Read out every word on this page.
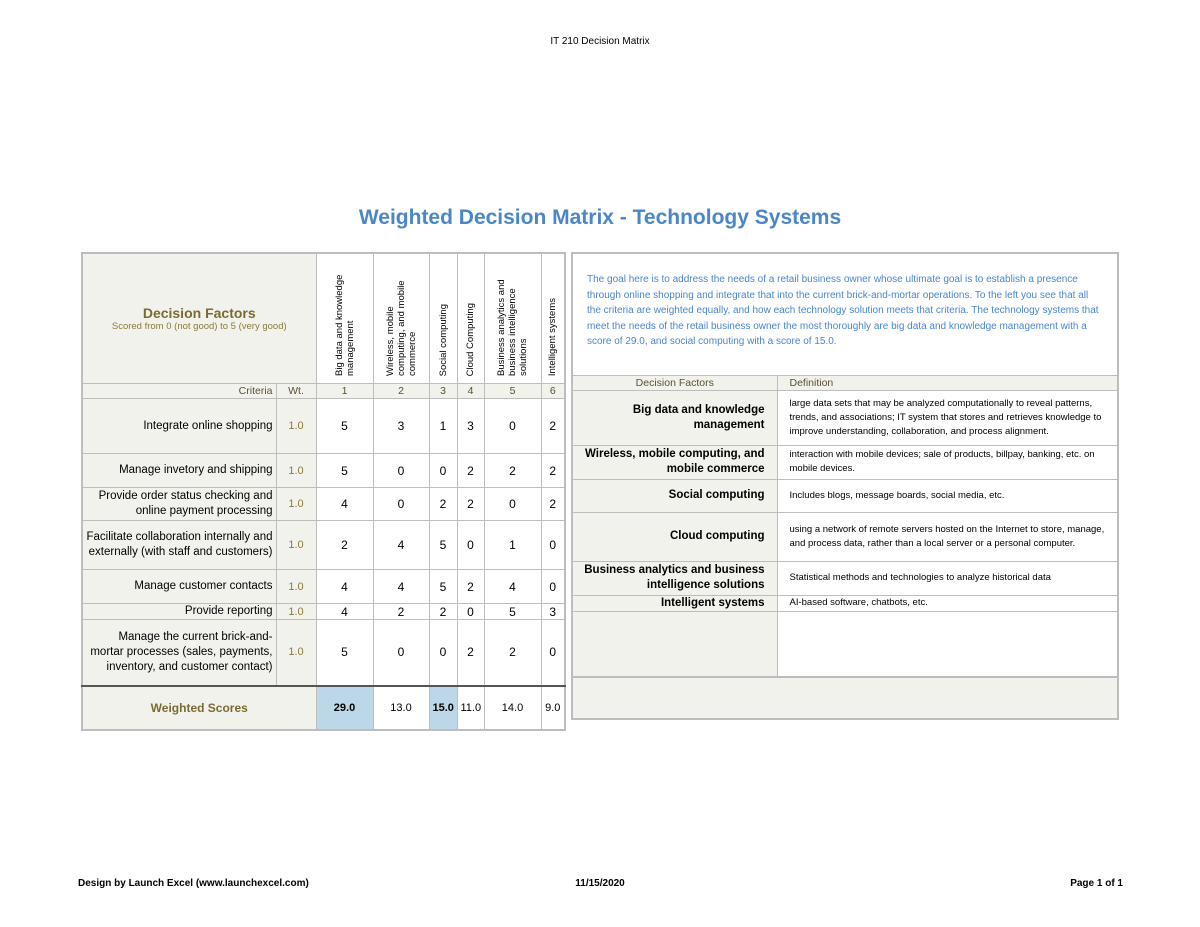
IT 210 Decision Matrix
Weighted Decision Matrix - Technology Systems
Decision Factors
Scored from 0 (not good) to 5 (very good)		Big data and knowledge management	Wireless, mobile computing, and mobile commerce	Social computing	Cloud Computing	Business analytics and business intelligence solutions	Intelligent systems
Criteria	Wt.	1	2	3	4	5	6
Integrate online shopping	1.0	5	3	1	3	0	2
Manage invetory and shipping	1.0	5	0	0	2	2	2
Provide order status checking and online payment processing	1.0	4	0	2	2	0	2
Facilitate collaboration internally and externally (with staff and customers)	1.0	2	4	5	0	1	0
Manage customer contacts	1.0	4	4	5	2	4	0
Provide reporting	1.0	4	2	2	0	5	3
Manage the current brick-and-mortar processes (sales, payments, inventory, and customer contact)	1.0	5	0	0	2	2	0
Weighted Scores		29.0	13.0	15.0	11.0	14.0	9.0
The goal here is to address the needs of a retail business owner whose ultimate goal is to establish a presence through online shopping and integrate that into the current brick-and-mortar operations. To the left you see that all the criteria are weighted equally, and how each technology solution meets that criteria. The technology systems that meet the needs of the retail business owner the most thoroughly are big data and knowledge management with a score of 29.0, and social computing with a score of 15.0.	
Decision Factors	Definition
Big data and knowledge management	large data sets that may be analyzed computationally to reveal patterns, trends, and associations; IT system that stores and retrieves knowledge to improve understanding, collaboration, and process alignment.
Wireless, mobile computing, and mobile commerce	interaction with mobile devices; sale of products, billpay, banking, etc. on mobile devices.
Social computing	Includes blogs, message boards, social media, etc.
Cloud computing	using a network of remote servers hosted on the Internet to store, manage, and process data, rather than a local server or a personal computer.
Business analytics and business intelligence solutions	Statistical methods and technologies to analyze historical data
Intelligent systems	AI-based software, chatbots, etc.

Design by Launch Excel (www.launchexcel.com)	11/15/2020	Page 1 of 1
